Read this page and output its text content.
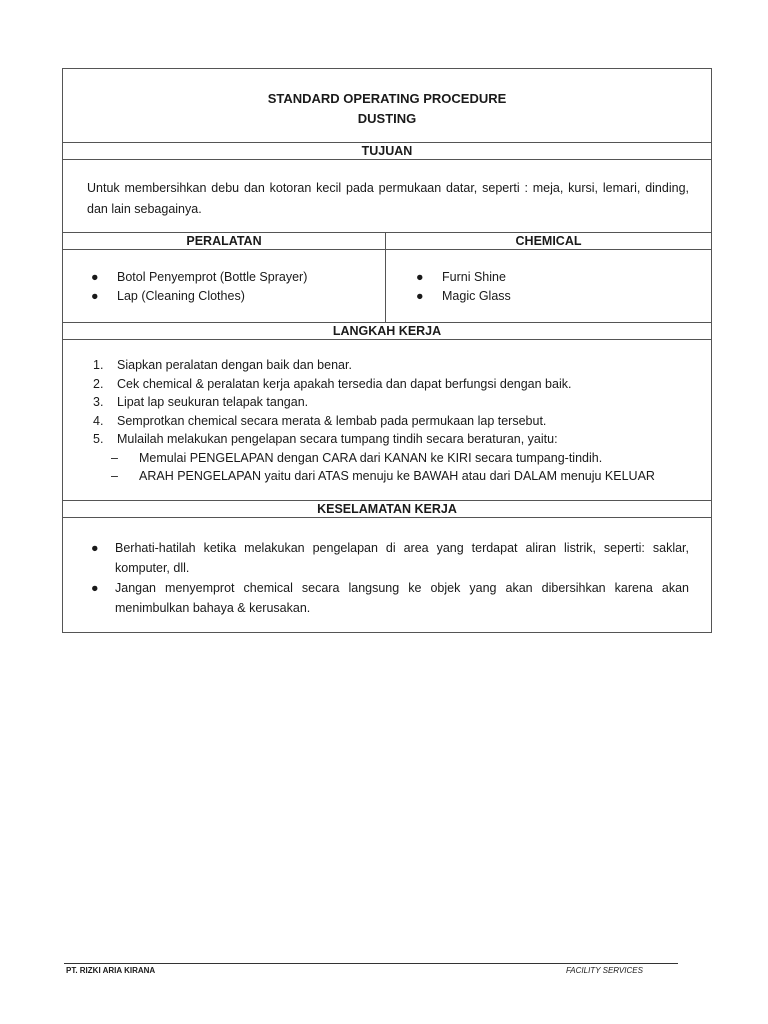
STANDARD OPERATING PROCEDURE
DUSTING
TUJUAN
Untuk membersihkan debu dan kotoran kecil pada permukaan datar, seperti : meja, kursi, lemari, dinding, dan lain sebagainya.
PERALATAN
● Botol Penyemprot (Bottle Sprayer)
● Lap (Cleaning Clothes)
CHEMICAL
● Furni Shine
● Magic Glass
LANGKAH KERJA
1.	Siapkan peralatan dengan baik dan benar.
2.	Cek chemical & peralatan kerja apakah tersedia dan dapat berfungsi dengan baik.
3.	Lipat lap seukuran telapak tangan.
4.	Semprotkan chemical secara merata & lembab pada permukaan lap tersebut.
5.	Mulailah melakukan pengelapan secara tumpang tindih secara beraturan, yaitu:
–	Memulai PENGELAPAN dengan CARA dari KANAN ke KIRI secara tumpang-tindih.
–	ARAH PENGELAPAN yaitu dari ATAS menuju ke BAWAH atau dari DALAM menuju KELUAR
KESELAMATAN KERJA
●	Berhati-hatilah ketika melakukan pengelapan di area yang terdapat aliran listrik, seperti: saklar, komputer, dll.
●	Jangan menyemprot chemical secara langsung ke objek yang akan dibersihkan karena akan menimbulkan bahaya & kerusakan.
PT. RIZKI ARIA KIRANA	FACILITY SERVICES
